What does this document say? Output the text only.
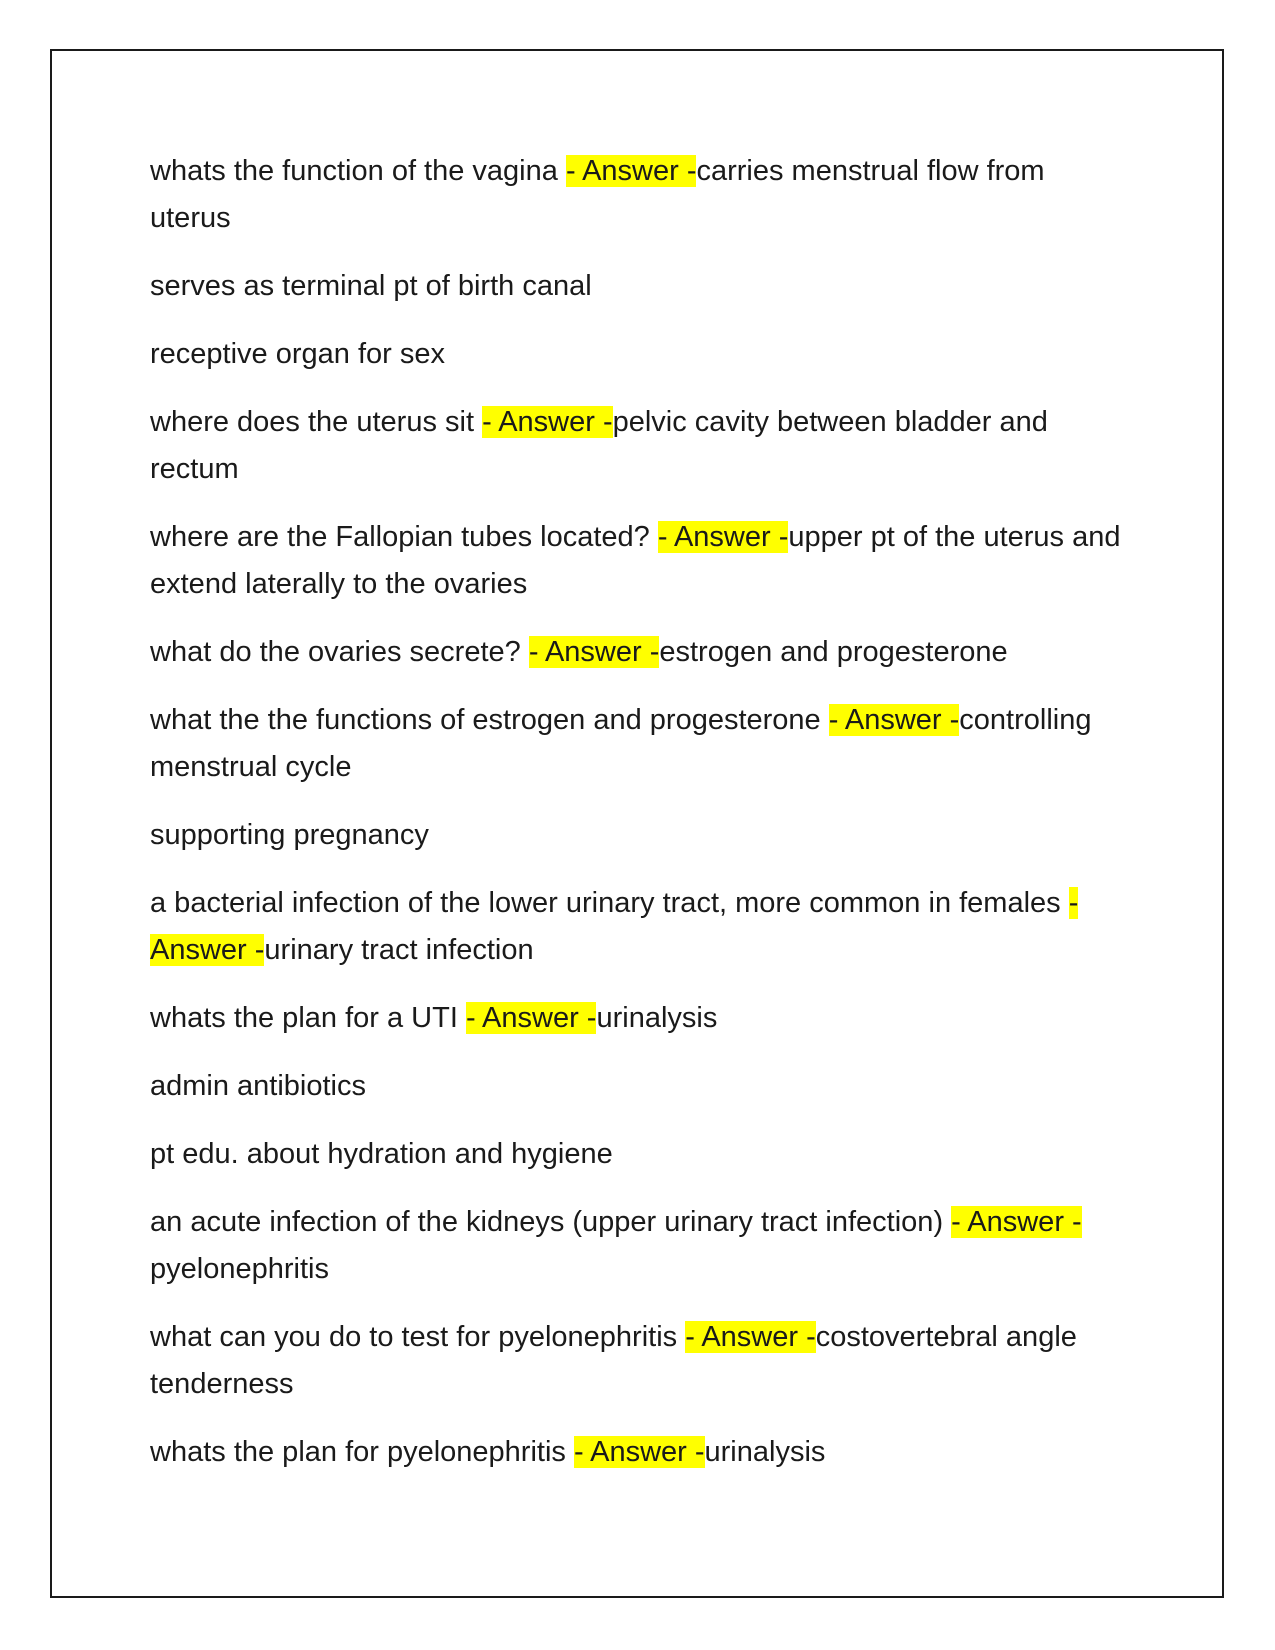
whats the function of the vagina - Answer -carries menstrual flow from uterus

serves as terminal pt of birth canal

receptive organ for sex

where does the uterus sit - Answer -pelvic cavity between bladder and rectum

where are the Fallopian tubes located? - Answer -upper pt of the uterus and extend laterally to the ovaries

what do the ovaries secrete? - Answer -estrogen and progesterone

what the the functions of estrogen and progesterone - Answer -controlling menstrual cycle

supporting pregnancy

a bacterial infection of the lower urinary tract, more common in females - Answer -urinary tract infection

whats the plan for a UTI - Answer -urinalysis

admin antibiotics

pt edu. about hydration and hygiene

an acute infection of the kidneys (upper urinary tract infection) - Answer -pyelonephritis

what can you do to test for pyelonephritis - Answer -costovertebral angle tenderness

whats the plan for pyelonephritis - Answer -urinalysis
